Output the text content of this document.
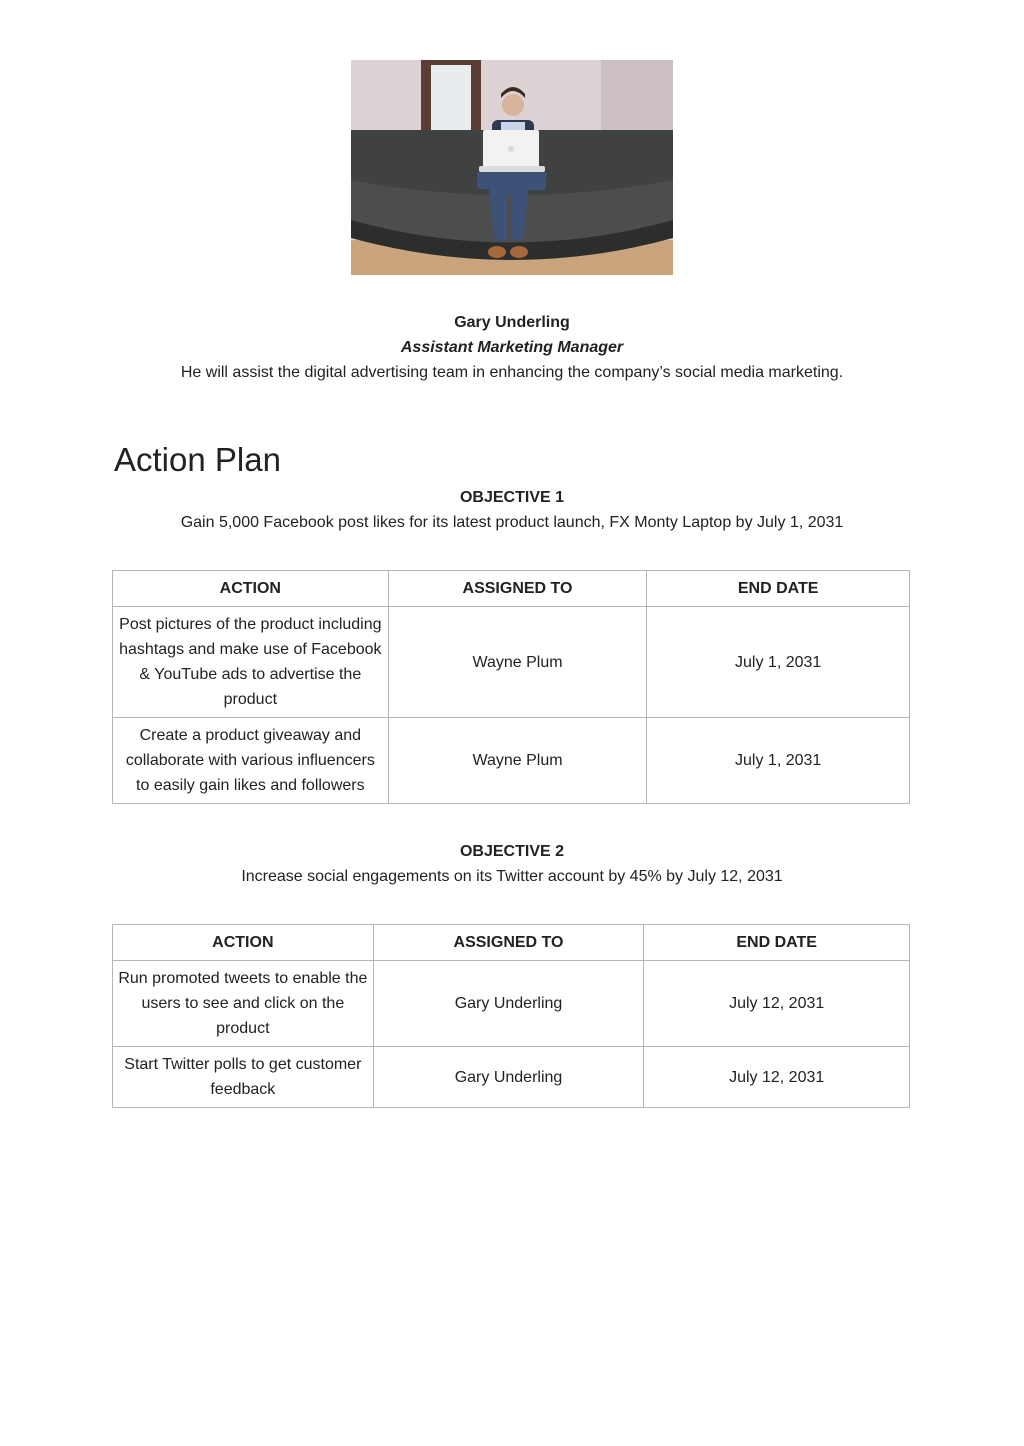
Gary Underling
Assistant Marketing Manager
He will assist the digital advertising team in enhancing the company’s social media marketing.
Action Plan
OBJECTIVE 1
Gain 5,000 Facebook post likes for its latest product launch, FX Monty Laptop by July 1, 2031
ACTION	ASSIGNED TO	END DATE
Post pictures of the product including hashtags and make use of Facebook & YouTube ads to advertise the product	Wayne Plum	July 1, 2031
Create a product giveaway and collaborate with various influencers to easily gain likes and followers	Wayne Plum	July 1, 2031
OBJECTIVE 2
Increase social engagements on its Twitter account by 45% by July 12, 2031
ACTION	ASSIGNED TO	END DATE
Run promoted tweets to enable the users to see and click on the product	Gary Underling	July 12, 2031
Start Twitter polls to get customer feedback	Gary Underling	July 12, 2031
